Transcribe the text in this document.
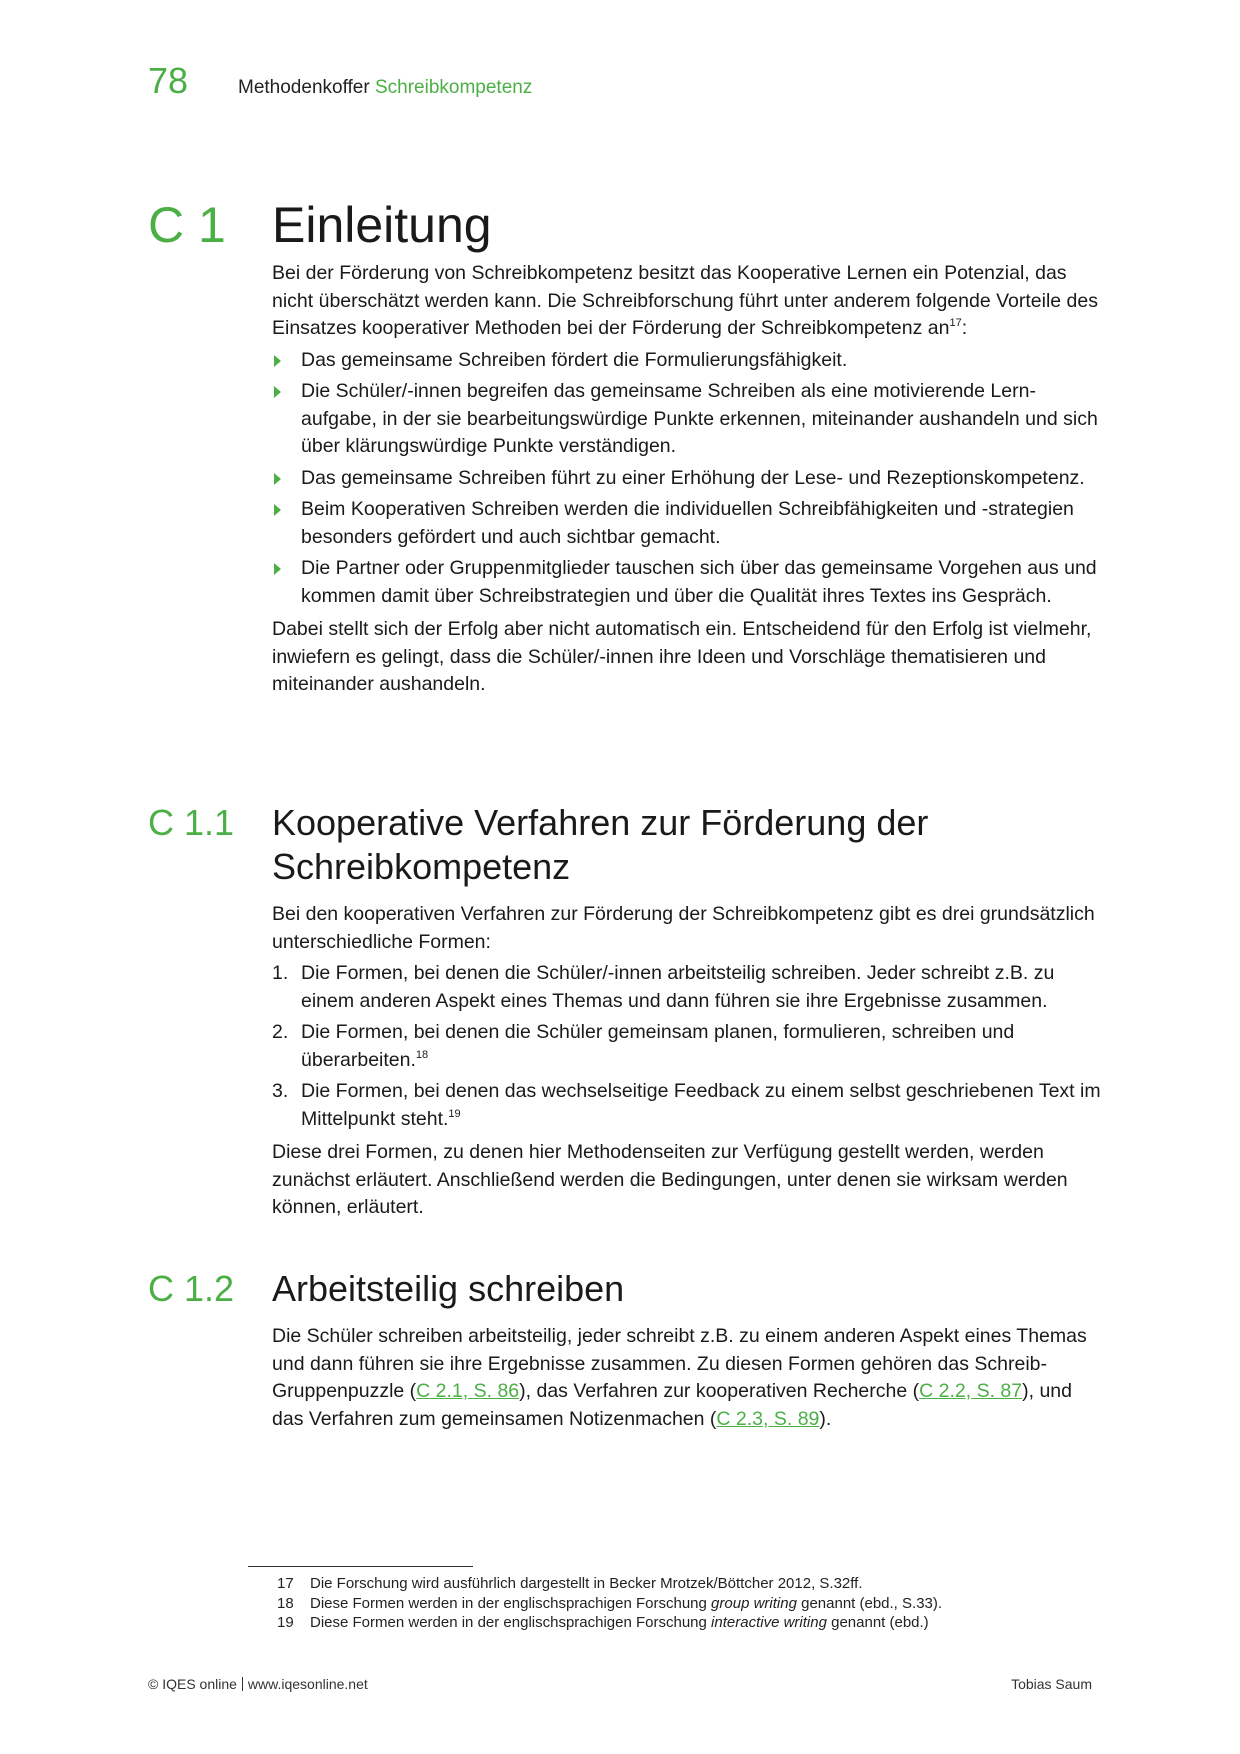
78	Methodenkoffer Schreibkompetenz
C 1 Einleitung

Bei der Förderung von Schreibkompetenz besitzt das Kooperative Lernen ein Potenzial, das nicht überschätzt werden kann. Die Schreibforschung führt unter anderem folgende Vorteile des Einsatzes kooperativer Methoden bei der Förderung der Schreibkompetenz $an^{17}$:

Das gemeinsame Schreiben fördert die Formulierungsfähigkeit.
Die Schüler/-innen begreifen das gemeinsame Schreiben als eine motivierende Lernaufgabe, in der sie bearbeitungswürdige Punkte erkennen, miteinander aushandeln und sich über klärungswürdige Punkte verständigen.
Das gemeinsame Schreiben führt zu einer Erhöhung der Lese- und Rezeptionskompetenz.
Beim Kooperativen Schreiben werden die individuellen Schreibfähigkeiten und -strategien besonders gefördert und auch sichtbar gemacht.
Die Partner oder Gruppenmitglieder tauschen sich über das gemeinsame Vorgehen aus und kommen damit über Schreibstrategien und über die Qualität ihres Textes ins Gespräch.

Dabei stellt sich der Erfolg aber nicht automatisch ein. Entscheidend für den Erfolg ist vielmehr, inwiefern es gelingt, dass die Schüler/-innen ihre Ideen und Vorschläge thematisieren und miteinander aushandeln.

C 1.1	Kooperative Verfahren zur Förderung der Schreibkompetenz

Bei den kooperativen Verfahren zur Förderung der Schreibkompetenz gibt es drei grundsätzlich unterschiedliche Formen:

1. Die Formen, bei denen die Schüler/-innen arbeitsteilig schreiben. Jeder schreibt z.B. zu einem anderen Aspekt eines Themas und dann führen sie ihre Ergebnisse zusammen.
2. Die Formen, bei denen die Schüler gemeinsam planen, formulieren, schreiben und überarbeiten.$^{18}$
3. Die Formen, bei denen das wechselseitige Feedback zu einem selbst geschriebenen Text im Mittelpunkt steht.$^{19}$

Diese drei Formen, zu denen hier Methodenseiten zur Verfügung gestellt werden, werden zunächst erläutert. Anschließend werden die Bedingungen, unter denen sie wirksam werden können, erläutert.

C 1.2	Arbeitsteilig schreiben

Die Schüler schreiben arbeitsteilig, jeder schreibt z.B. zu einem anderen Aspekt eines Themas und dann führen sie ihre Ergebnisse zusammen. Zu diesen Formen gehören das Schreib-Gruppenpuzzle (C 2.1, S. 86), das Verfahren zur kooperativen Recherche (C 2.2, S. 87), und das Verfahren zum gemeinsamen Notizenmachen (C 2.3, S. 89).

17	Die Forschung wird ausführlich dargestellt in Becker Mrotzek/Böttcher 2012, S.32ff.
18	Diese Formen werden in der englischsprachigen Forschung group writing genannt (ebd., S.33).
19	Diese Formen werden in der englischsprachigen Forschung interactive writing genannt (ebd.)
© IQES online www.iqesonline.net	Tobias Saum
